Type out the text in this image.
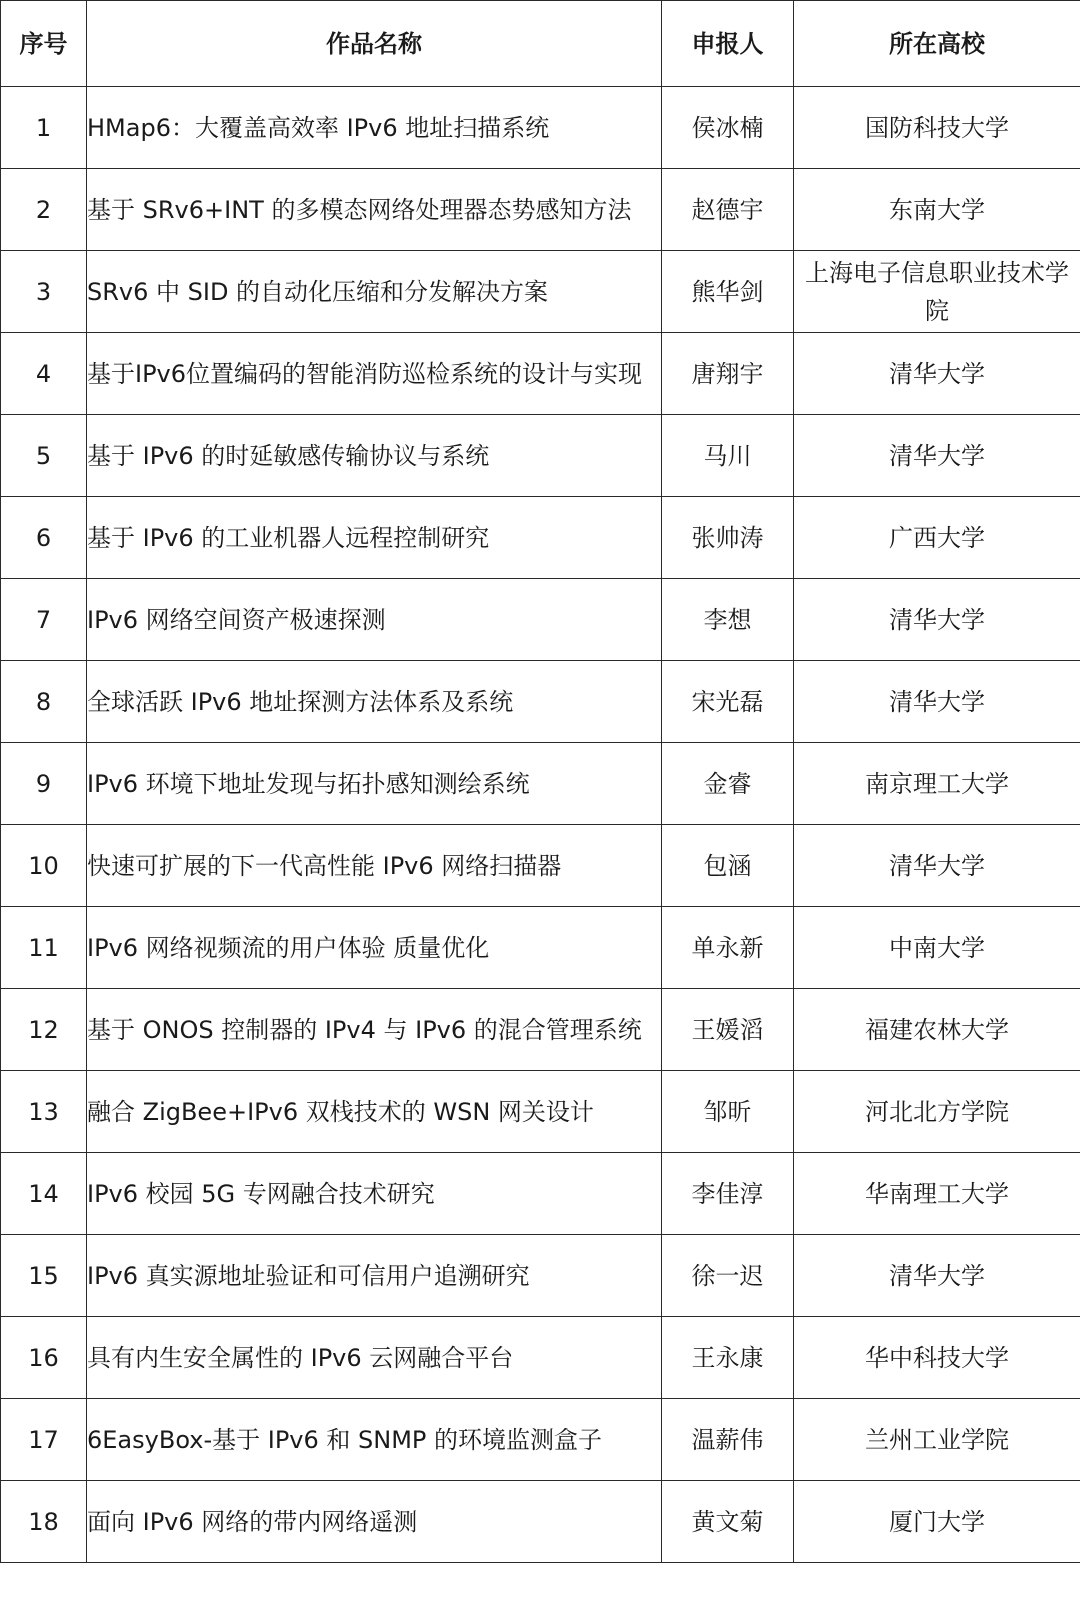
序号	作品名称	申报人	所在高校
1	HMap6：大覆盖高效率 IPv6 地址扫描系统	侯冰楠	国防科技大学
2	基于 SRv6+INT 的多模态网络处理器态势感知方法	赵德宇	东南大学
3	SRv6 中 SID 的自动化压缩和分发解决方案	熊华剑	上海电子信息职业技术学院
4	基于IPv6位置编码的智能消防巡检系统的设计与实现	唐翔宇	清华大学
5	基于 IPv6 的时延敏感传输协议与系统	马川	清华大学
6	基于 IPv6 的工业机器人远程控制研究	张帅涛	广西大学
7	IPv6 网络空间资产极速探测	李想	清华大学
8	全球活跃 IPv6 地址探测方法体系及系统	宋光磊	清华大学
9	IPv6 环境下地址发现与拓扑感知测绘系统	金睿	南京理工大学
10	快速可扩展的下一代高性能 IPv6 网络扫描器	包涵	清华大学
11	IPv6 网络视频流的用户体验 质量优化	单永新	中南大学
12	基于 ONOS 控制器的 IPv4 与 IPv6 的混合管理系统	王媛滔	福建农林大学
13	融合 ZigBee+IPv6 双栈技术的 WSN 网关设计	邹昕	河北北方学院
14	IPv6 校园 5G 专网融合技术研究	李佳淳	华南理工大学
15	IPv6 真实源地址验证和可信用户追溯研究	徐一迟	清华大学
16	具有内生安全属性的 IPv6 云网融合平台	王永康	华中科技大学
17	6EasyBox-基于 IPv6 和 SNMP 的环境监测盒子	温薪伟	兰州工业学院
18	面向 IPv6 网络的带内网络遥测	黄文菊	厦门大学
